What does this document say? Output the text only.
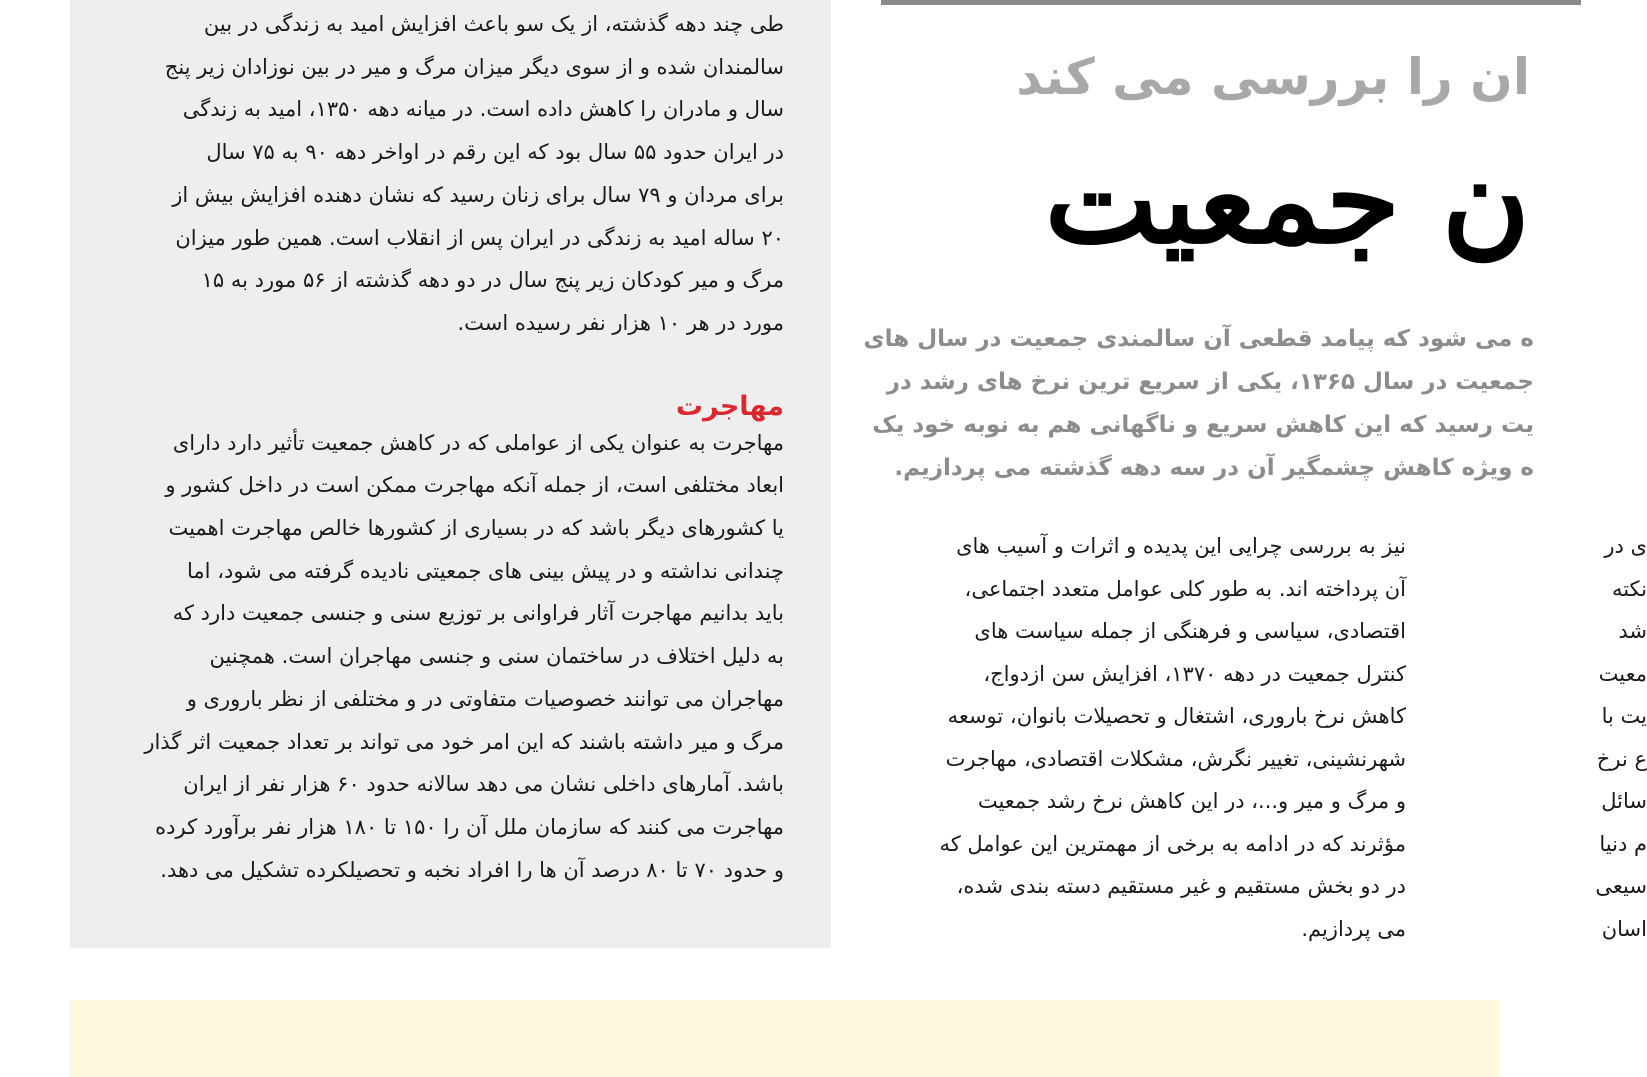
طی چند دهه گذشته، از یک سو باعث افزایش امید به زندگی در بین
سالمندان شده و از سوی دیگر میزان مرگ و میر در بین نوزادان زیر پنج
سال و مادران را کاهش داده است. در میانه دهه ۱۳۵۰، امید به زندگی
در ایران حدود ۵۵ سال بود که این رقم در اواخر دهه ۹۰ به ۷۵ سال
برای مردان و ۷۹ سال برای زنان رسید که نشان دهنده افزایش بیش از
۲۰ ساله امید به زندگی در ایران پس از انقلاب است. همین طور میزان
مرگ و میر کودکان زیر پنج سال در دو دهه گذشته از ۵۶ مورد به ۱۵
مورد در هر ۱۰ هزار نفر رسیده است.

مهاجرت

مهاجرت به عنوان یکی از عواملی که در کاهش جمعیت تأثیر دارد دارای
ابعاد مختلفی است، از جمله آنکه مهاجرت ممکن است در داخل کشور و
یا کشورهای دیگر باشد که در بسیاری از کشورها خالص مهاجرت اهمیت
چندانی نداشته و در پیش بینی های جمعیتی نادیده گرفته می شود، اما
باید بدانیم مهاجرت آثار فراوانی بر توزیع سنی و جنسی جمعیت دارد که
به دلیل اختلاف در ساختمان سنی و جنسی مهاجران است. همچنین
مهاجران می توانند خصوصیات متفاوتی در و مختلفی از نظر باروری و
مرگ و میر داشته باشند که این امر خود می تواند بر تعداد جمعیت اثر گذار
باشد. آمارهای داخلی نشان می دهد سالانه حدود ۶۰ هزار نفر از ایران
مهاجرت می کنند که سازمان ملل آن را ۱۵۰ تا ۱۸۰ هزار نفر برآورد کرده
و حدود ۷۰ تا ۸۰ درصد آن ها را افراد نخبه و تحصیلکرده تشکیل می دهد.

ان را بررسی می کند
ن جمعیت
ه می شود که پیامد قطعی آن سالمندی جمعیت در سال های
جمعیت در سال ۱۳۶۵، یکی از سریع ترین نرخ های رشد در
یت رسید که این کاهش سریع و ناگهانی هم به نوبه خود یک
ه ویژه کاهش چشمگیر آن در سه دهه گذشته می پردازیم.
نیز به بررسی چرایی این پدیده و اثرات و آسیب های
آن پرداخته اند. به طور کلی عوامل متعدد اجتماعی،
اقتصادی، سیاسی و فرهنگی از جمله سیاست های
کنترل جمعیت در دهه ۱۳۷۰، افزایش سن ازدواج،
کاهش نرخ باروری، اشتغال و تحصیلات بانوان، توسعه
شهرنشینی، تغییر نگرش، مشکلات اقتصادی، مهاجرت
و مرگ و میر و...، در این کاهش نرخ رشد جمعیت
مؤثرند که در ادامه به برخی از مهمترین این عوامل که
در دو بخش مستقیم و غیر مستقیم دسته بندی شده،
می پردازیم.
ی در
نکته
شد
معیت
یت با
ع نرخ
سائل
م دنیا
سیعی
اسان
